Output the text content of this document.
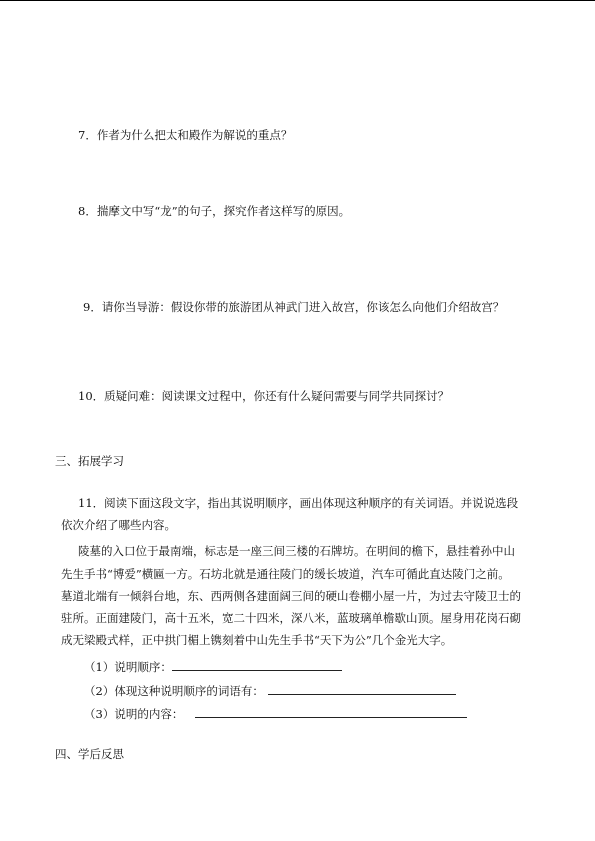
7．作者为什么把太和殿作为解说的重点？
8．揣摩文中写“龙”的句子，探究作者这样写的原因。
9．请你当导游：假设你带的旅游团从神武门进入故宫，你该怎么向他们介绍故宫？
10．质疑问难：阅读课文过程中，你还有什么疑问需要与同学共同探讨？
三、拓展学习
11．阅读下面这段文字，指出其说明顺序，画出体现这种顺序的有关词语。并说说选段
依次介绍了哪些内容。
陵墓的入口位于最南端，标志是一座三间三楼的石牌坊。在明间的檐下，悬挂着孙中山
先生手书“博爱”横匾一方。石坊北就是通往陵门的缓长坡道，汽车可循此直达陵门之前。
墓道北端有一倾斜台地，东、西两侧各建面阔三间的硬山卷棚小屋一片，为过去守陵卫士的
驻所。正面建陵门，高十五米，宽二十四米，深八米，蓝玻璃单檐歇山顶。屋身用花岗石砌
成无梁殿式样，正中拱门楣上镌刻着中山先生手书“天下为公”几个金光大字。
（1）说明顺序：
（2）体现这种说明顺序的词语有：
（3）说明的内容：
四、学后反思
